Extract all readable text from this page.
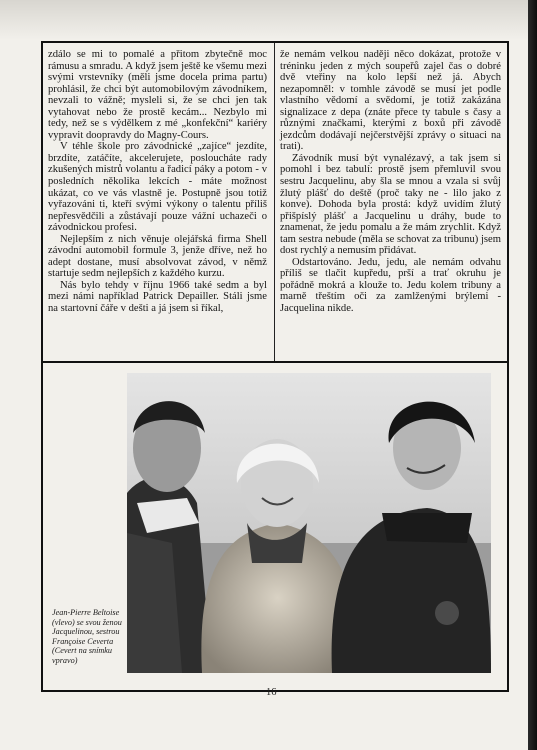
zdálo se mi to pomalé a přitom zbytečně moc rámusu a smradu. A když jsem ještě ke všemu mezi svými vrstevníky (měli jsme docela prima partu) prohlásil, že chci být automobilovým závodníkem, nevzali to vážně; mysleli si, že se chci jen tak vytahovat nebo že prostě kecám... Nezbylo mi tedy, než se s výdělkem z mé „konfekční“ kariéry vypravit doopravdy do Magny-Cours.

V téhle škole pro závodnické „zajíce“ jezdíte, brzdíte, zatáčíte, akcelerujete, posloucháte rady zkušených mistrů volantu a řadicí páky a potom - v posledních několika lekcích - máte možnost ukázat, co ve vás vlastně je. Postupně jsou totiž vyřazováni ti, kteří svými výkony o talentu příliš nepřesvědčili a zůstávají pouze vážní uchazeči o závodnickou profesi.

Nejlepším z nich věnuje olejářská firma Shell závodní automobil formule 3, jenže dříve, než ho adept dostane, musí absolvovat závod, v němž startuje sedm nejlepších z každého kurzu.

Nás bylo tehdy v říjnu 1966 také sedm a byl mezi námi například Patrick Depailler. Stáli jsme na startovní čáře v dešti a já jsem si říkal,

že nemám velkou naději něco dokázat, protože v tréninku jeden z mých soupeřů zajel čas o dobré dvě vteřiny na kolo lepší než já. Abych nezapomněl: v tomhle závodě se musí jet podle vlastního vědomí a svědomí, je totiž zakázána signalizace z depa (znáte přece ty tabule s časy a různými značkami, kterými z boxů při závodě jezdcům dodávají nejčerstvější zprávy o situaci na trati).

Závodník musí být vynalézavý, a tak jsem si pomohl i bez tabulí: prostě jsem přemluvil svou sestru Jacquelinu, aby šla se mnou a vzala si svůj žlutý plášť do deště (proč taky ne - lilo jako z konve). Dohoda byla prostá: když uvidím žlutý přišpíslý plášť a Jacquelinu u dráhy, bude to znamenat, že jedu pomalu a že mám zrychlit. Když tam sestra nebude (měla se schovat za tribunu) jsem dost rychlý a nemusím přidávat.

Odstartováno. Jedu, jedu, ale nemám odvahu příliš se tlačit kupředu, prší a trať okruhu je pořádně mokrá a klouže to. Jedu kolem tribuny a marně třeštím oči za zamlženými brýlemi - Jacquelina nikde.

Jean-Pierre Beltoise (vlevo) se svou ženou Jacquelinou, sestrou Françoise Ceverta (Cevert na snímku vpravo)
16
